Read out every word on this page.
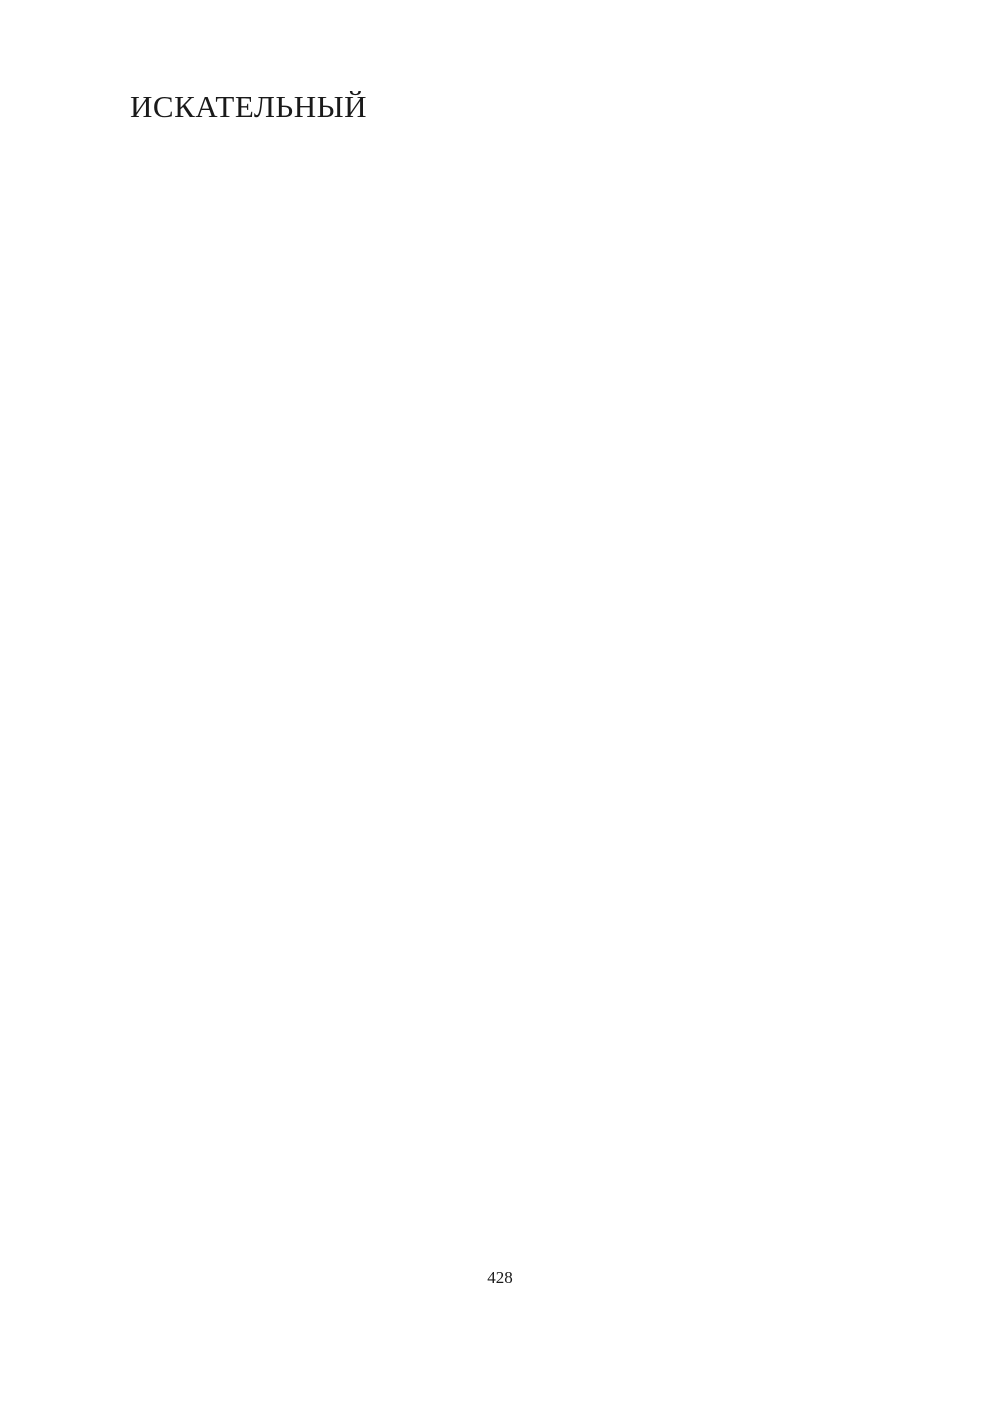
ИСКАТЕЛЬНЫЙ
428
